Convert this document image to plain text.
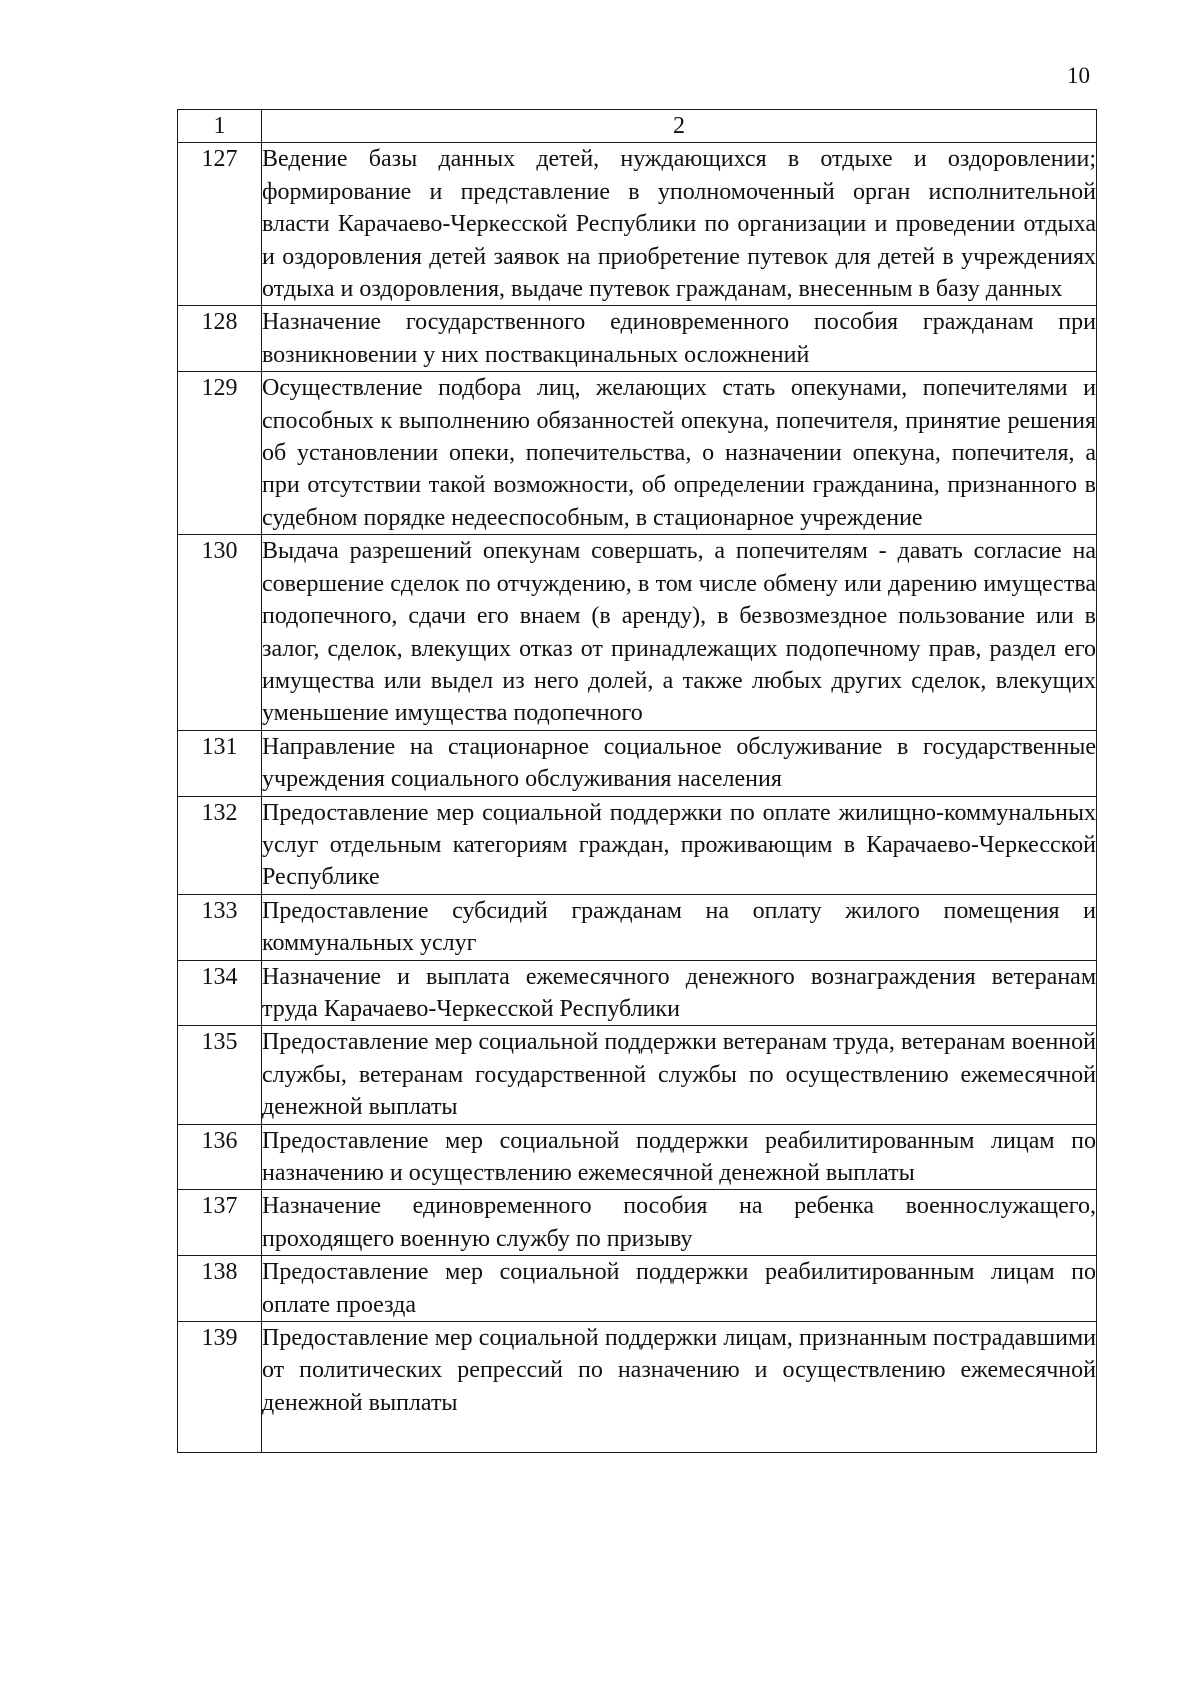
10
1	2
127	Ведение базы данных детей, нуждающихся в отдыхе и оздоровлении; формирование и представление в уполномоченный орган исполнительной власти Карачаево-Черкесской Республики по организации и проведении отдыха и оздоровления детей заявок на приобретение путевок для детей в учреждениях отдыха и оздоровления, выдаче путевок гражданам, внесенным в базу данных
128	Назначение государственного единовременного пособия гражданам при возникновении у них поствакцинальных осложнений
129	Осуществление подбора лиц, желающих стать опекунами, попечителями и способных к выполнению обязанностей опекуна, попечителя, принятие решения об установлении опеки, попечительства, о назначении опекуна, попечителя, а при отсутствии такой возможности, об определении гражданина, признанного в судебном порядке недееспособным, в стационарное учреждение
130	Выдача разрешений опекунам совершать, а попечителям - давать согласие на совершение сделок по отчуждению, в том числе обмену или дарению имущества подопечного, сдачи его внаем (в аренду), в безвозмездное пользование или в залог, сделок, влекущих отказ от принадлежащих подопечному прав, раздел его имущества или выдел из него долей, а также любых других сделок, влекущих уменьшение имущества подопечного
131	Направление на стационарное социальное обслуживание в государственные учреждения социального обслуживания населения
132	Предоставление мер социальной поддержки по оплате жилищно-коммунальных услуг отдельным категориям граждан, проживающим в Карачаево-Черкесской Республике
133	Предоставление субсидий гражданам на оплату жилого помещения и коммунальных услуг
134	Назначение и выплата ежемесячного денежного вознаграждения ветеранам труда Карачаево-Черкесской Республики
135	Предоставление мер социальной поддержки ветеранам труда, ветеранам военной службы, ветеранам государственной службы по осуществлению ежемесячной денежной выплаты
136	Предоставление мер социальной поддержки реабилитированным лицам по назначению и осуществлению ежемесячной денежной выплаты
137	Назначение единовременного пособия на ребенка военнослужащего, проходящего военную службу по призыву
138	Предоставление мер социальной поддержки реабилитированным лицам по оплате проезда
139	Предоставление мер социальной поддержки лицам, признанным пострадавшими от политических репрессий по назначению и осуществлению ежемесячной денежной выплаты
